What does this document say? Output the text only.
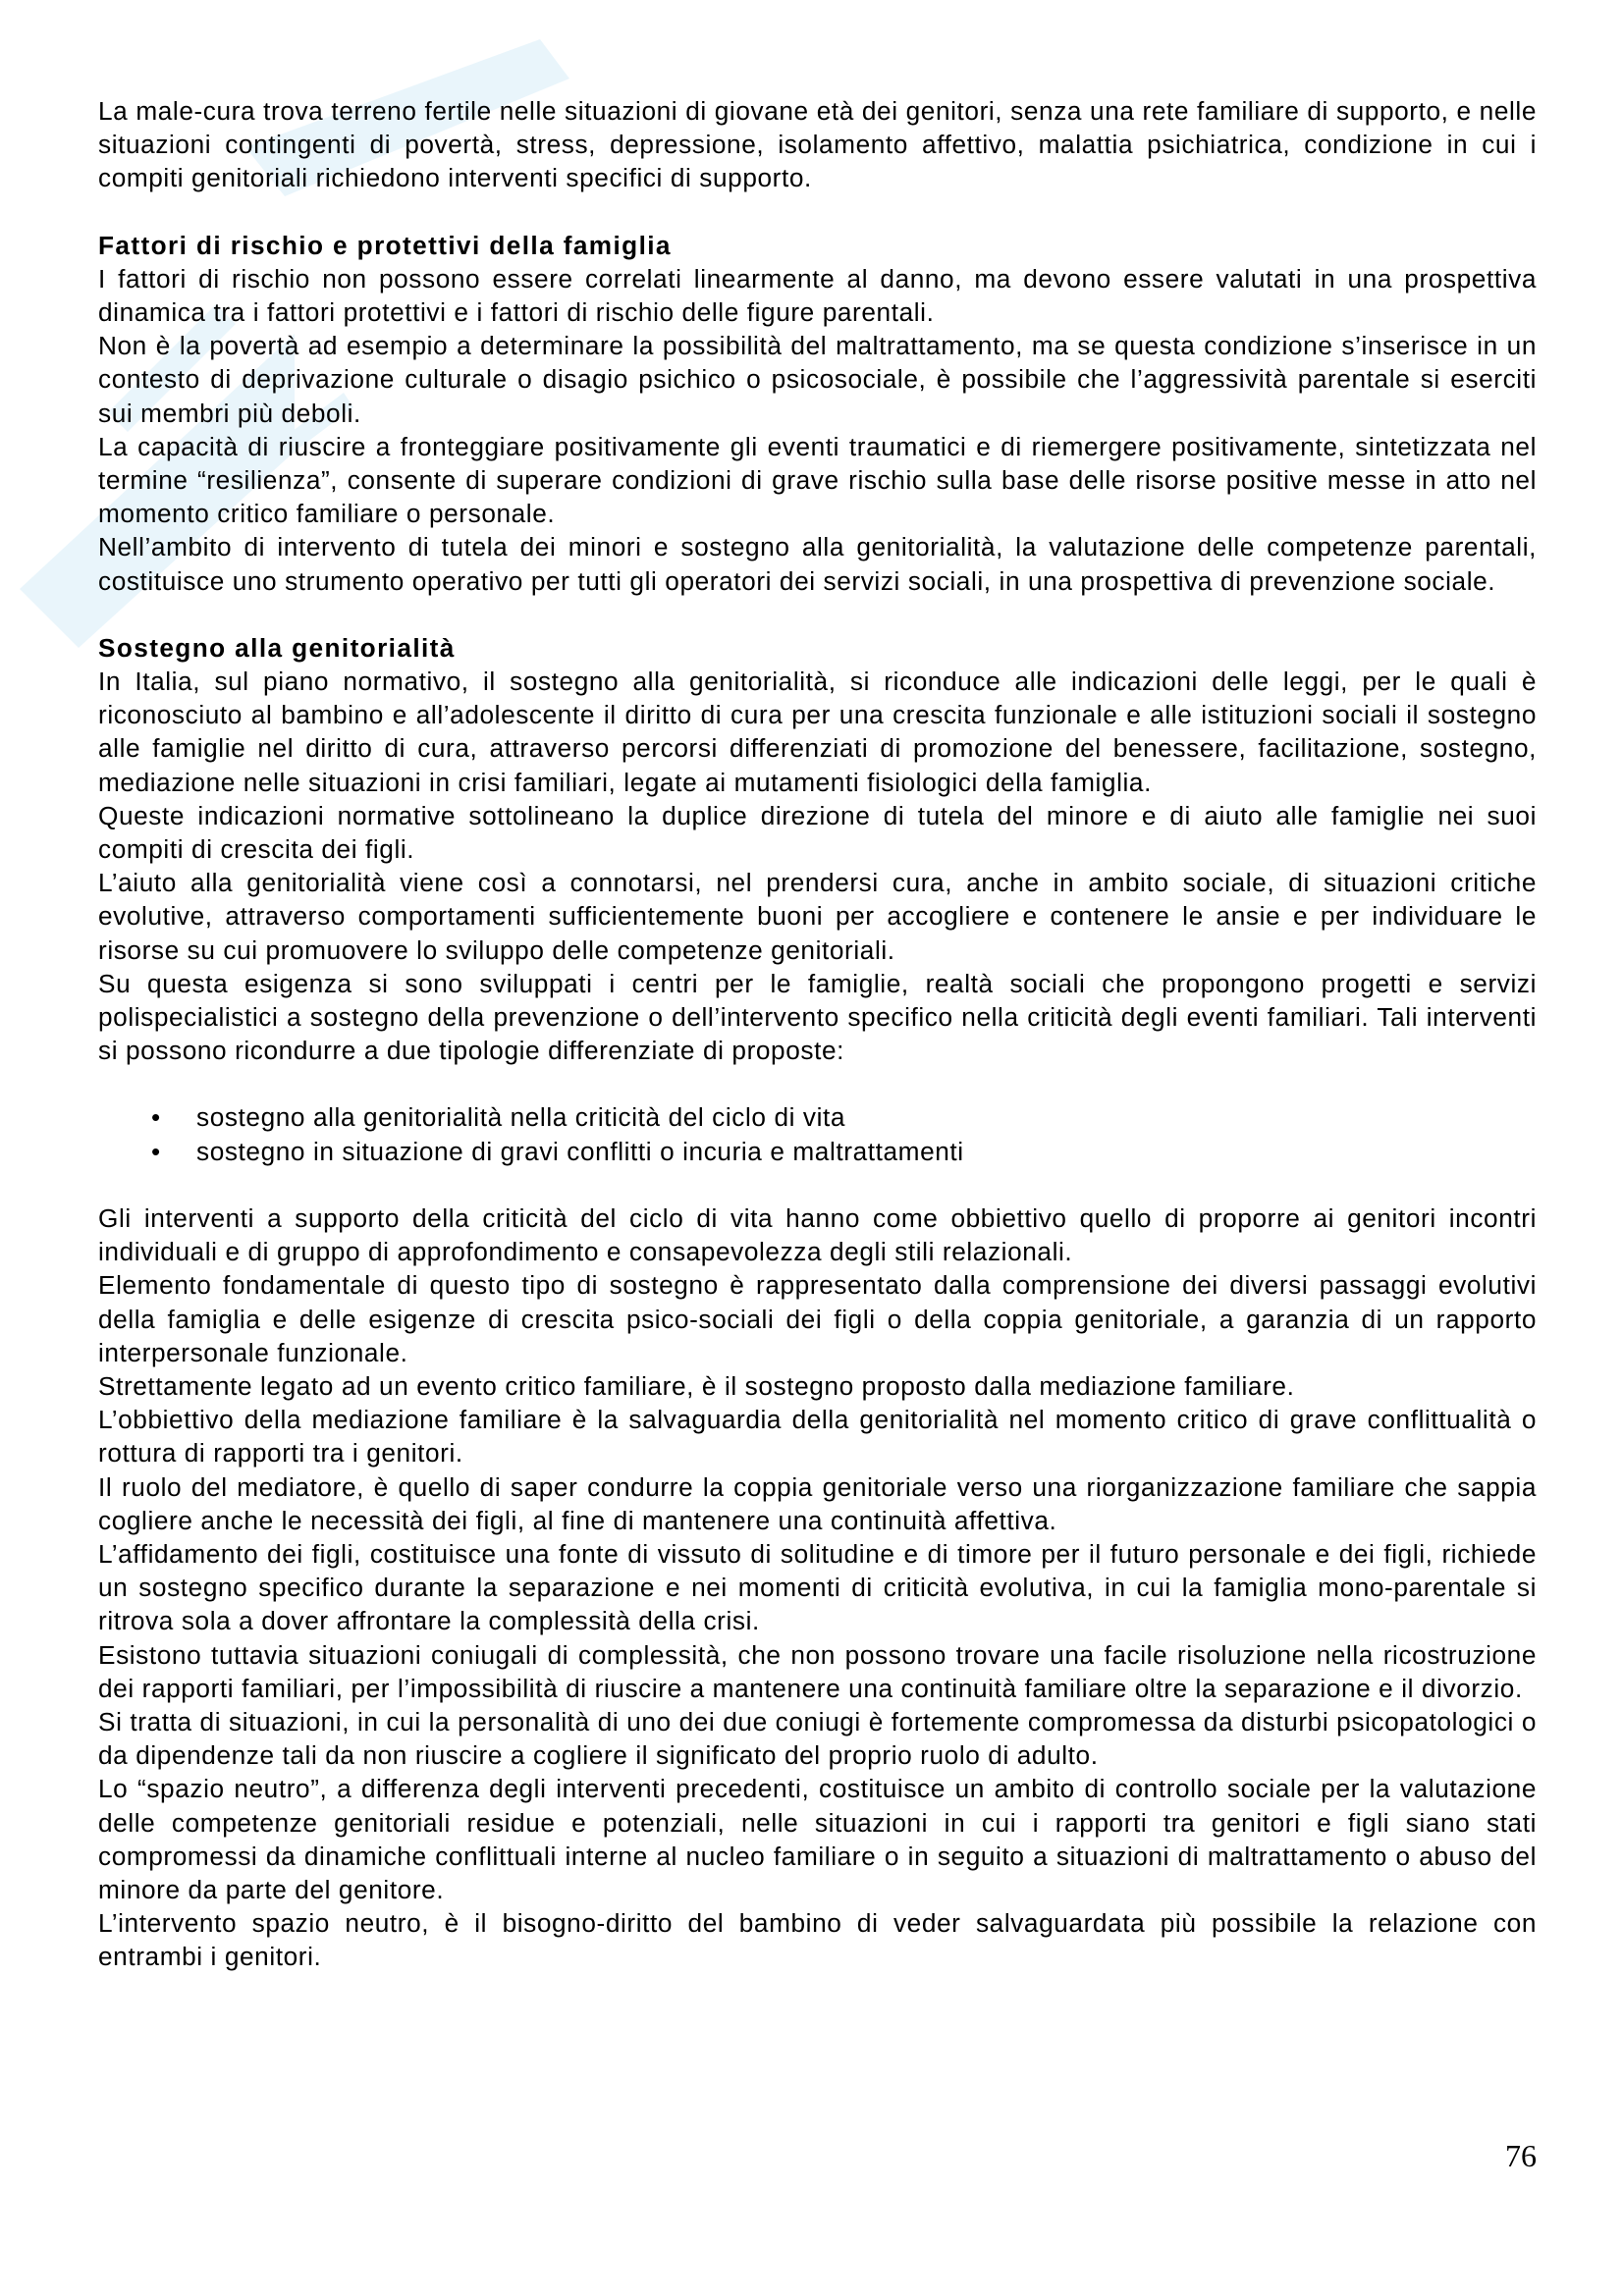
La male-cura trova terreno fertile nelle situazioni di giovane età dei genitori, senza una rete familiare di supporto, e nelle situazioni contingenti di povertà, stress, depressione, isolamento affettivo, malattia psichiatrica, condizione in cui i compiti genitoriali richiedono interventi specifici di supporto.

Fattori di rischio e protettivi della famiglia

I fattori di rischio non possono essere correlati linearmente al danno, ma devono essere valutati in una prospettiva dinamica tra i fattori protettivi e i fattori di rischio delle figure parentali.

Non è la povertà ad esempio a determinare la possibilità del maltrattamento, ma se questa condizione s’inserisce in un contesto di deprivazione culturale o disagio psichico o psicosociale, è possibile che l’aggressività parentale si eserciti sui membri più deboli.

La capacità di riuscire a fronteggiare positivamente gli eventi traumatici e di riemergere positivamente, sintetizzata nel termine “resilienza”, consente di superare condizioni di grave rischio sulla base delle risorse positive messe in atto nel momento critico familiare o personale.

Nell’ambito di intervento di tutela dei minori e sostegno alla genitorialità, la valutazione delle competenze parentali, costituisce uno strumento operativo per tutti gli operatori dei servizi sociali, in una prospettiva di prevenzione sociale.

Sostegno alla genitorialità

In Italia, sul piano normativo, il sostegno alla genitorialità, si riconduce alle indicazioni delle leggi, per le quali è riconosciuto al bambino e all’adolescente il diritto di cura per una crescita funzionale e alle istituzioni sociali il sostegno alle famiglie nel diritto di cura, attraverso percorsi differenziati di promozione del benessere, facilitazione, sostegno, mediazione nelle situazioni in crisi familiari, legate ai mutamenti fisiologici della famiglia.

Queste indicazioni normative sottolineano la duplice direzione di tutela del minore e di aiuto alle famiglie nei suoi compiti di crescita dei figli.

L’aiuto alla genitorialità viene così a connotarsi, nel prendersi cura, anche in ambito sociale, di situazioni critiche evolutive, attraverso comportamenti sufficientemente buoni per accogliere e contenere le ansie e per individuare le risorse su cui promuovere lo sviluppo delle competenze genitoriali.

Su questa esigenza si sono sviluppati i centri per le famiglie, realtà sociali che propongono progetti e servizi polispecialistici a sostegno della prevenzione o dell’intervento specifico nella criticità degli eventi familiari. Tali interventi si possono ricondurre a due tipologie differenziate di proposte:

• sostegno alla genitorialità nella criticità del ciclo di vita
• sostegno in situazione di gravi conflitti o incuria e maltrattamenti

Gli interventi a supporto della criticità del ciclo di vita hanno come obbiettivo quello di proporre ai genitori incontri individuali e di gruppo di approfondimento e consapevolezza degli stili relazionali.

Elemento fondamentale di questo tipo di sostegno è rappresentato dalla comprensione dei diversi passaggi evolutivi della famiglia e delle esigenze di crescita psico-sociali dei figli o della coppia genitoriale, a garanzia di un rapporto interpersonale funzionale.

Strettamente legato ad un evento critico familiare, è il sostegno proposto dalla mediazione familiare.

L’obbiettivo della mediazione familiare è la salvaguardia della genitorialità nel momento critico di grave conflittualità o rottura di rapporti tra i genitori.

Il ruolo del mediatore, è quello di saper condurre la coppia genitoriale verso una riorganizzazione familiare che sappia cogliere anche le necessità dei figli, al fine di mantenere una continuità affettiva.

L’affidamento dei figli, costituisce una fonte di vissuto di solitudine e di timore per il futuro personale e dei figli, richiede un sostegno specifico durante la separazione e nei momenti di criticità evolutiva, in cui la famiglia mono-parentale si ritrova sola a dover affrontare la complessità della crisi.

Esistono tuttavia situazioni coniugali di complessità, che non possono trovare una facile risoluzione nella ricostruzione dei rapporti familiari, per l’impossibilità di riuscire a mantenere una continuità familiare oltre la separazione e il divorzio.

Si tratta di situazioni, in cui la personalità di uno dei due coniugi è fortemente compromessa da disturbi psicopatologici o da dipendenze tali da non riuscire a cogliere il significato del proprio ruolo di adulto.

Lo “spazio neutro”, a differenza degli interventi precedenti, costituisce un ambito di controllo sociale per la valutazione delle competenze genitoriali residue e potenziali, nelle situazioni in cui i rapporti tra genitori e figli siano stati compromessi da dinamiche conflittuali interne al nucleo familiare o in seguito a situazioni di maltrattamento o abuso del minore da parte del genitore.

L’intervento spazio neutro, è il bisogno-diritto del bambino di veder salvaguardata più possibile la relazione con entrambi i genitori.

76
